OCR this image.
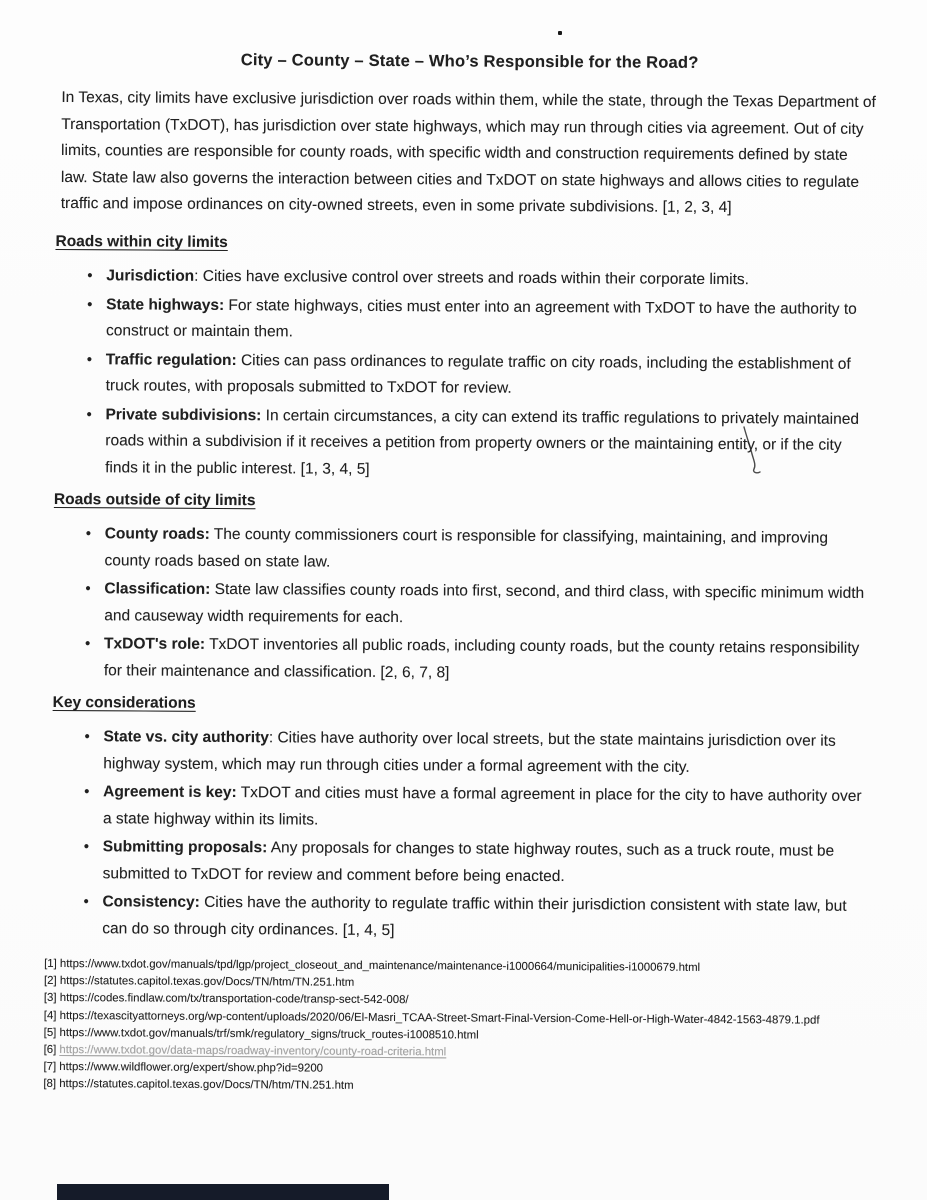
City – County – State – Who’s Responsible for the Road?

In Texas, city limits have exclusive jurisdiction over roads within them, while the state, through the Texas Department of Transportation (TxDOT), has jurisdiction over state highways, which may run through cities via agreement. Out of city limits, counties are responsible for county roads, with specific width and construction requirements defined by state law. State law also governs the interaction between cities and TxDOT on state highways and allows cities to regulate traffic and impose ordinances on city-owned streets, even in some private subdivisions. [1, 2, 3, 4]

Roads within city limits
• Jurisdiction: Cities have exclusive control over streets and roads within their corporate limits.
• State highways: For state highways, cities must enter into an agreement with TxDOT to have the authority to construct or maintain them.
• Traffic regulation: Cities can pass ordinances to regulate traffic on city roads, including the establishment of truck routes, with proposals submitted to TxDOT for review.
• Private subdivisions: In certain circumstances, a city can extend its traffic regulations to privately maintained roads within a subdivision if it receives a petition from property owners or the maintaining entity, or if the city finds it in the public interest. [1, 3, 4, 5]
Roads outside of city limits
• County roads: The county commissioners court is responsible for classifying, maintaining, and improving county roads based on state law.
• Classification: State law classifies county roads into first, second, and third class, with specific minimum width and causeway width requirements for each.
• TxDOT's role: TxDOT inventories all public roads, including county roads, but the county retains responsibility for their maintenance and classification. [2, 6, 7, 8]
Key considerations
• State vs. city authority: Cities have authority over local streets, but the state maintains jurisdiction over its highway system, which may run through cities under a formal agreement with the city.
• Agreement is key: TxDOT and cities must have a formal agreement in place for the city to have authority over a state highway within its limits.
• Submitting proposals: Any proposals for changes to state highway routes, such as a truck route, must be submitted to TxDOT for review and comment before being enacted.
• Consistency: Cities have the authority to regulate traffic within their jurisdiction consistent with state law, but can do so through city ordinances. [1, 4, 5]
[1] https://www.txdot.gov/manuals/tpd/lgp/project_closeout_and_maintenance/maintenance-i1000664/municipalities-i1000679.html
[2] https://statutes.capitol.texas.gov/Docs/TN/htm/TN.251.htm
[3] https://codes.findlaw.com/tx/transportation-code/transp-sect-542-008/
[4] https://texascityattorneys.org/wp-content/uploads/2020/06/El-Masri_TCAA-Street-Smart-Final-Version-Come-Hell-or-High-Water-4842-1563-4879.1.pdf
[5] https://www.txdot.gov/manuals/trf/smk/regulatory_signs/truck_routes-i1008510.html
[6] https://www.txdot.gov/data-maps/roadway-inventory/county-road-criteria.html
[7] https://www.wildflower.org/expert/show.php?id=9200
[8] https://statutes.capitol.texas.gov/Docs/TN/htm/TN.251.htm
